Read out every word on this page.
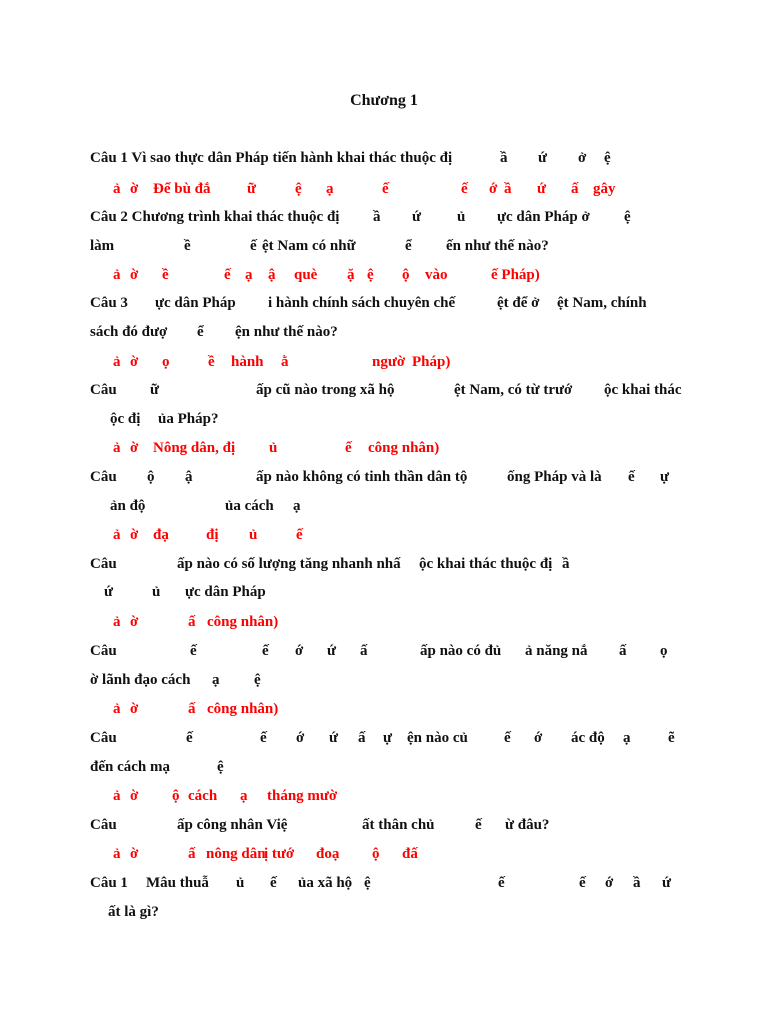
Chương 1
Câu 1 Vì sao thực dân Pháp tiến hành khai thác thuộc đị	ầ ứ ở ệ
ả ờ Để bù đắ ữ	ệ ạ	ế	ế ớ ầ ứ ấ gây
Câu 2 Chương trình khai thác thuộc đị ầ ứ ủ ực dân Pháp ở ệ
làm	ề	ế ệt Nam có nhữ	ể ến như thế nào?
ả ờ ề	ế ạ ậ què ặ ệ ộ vào	ế Pháp)
Câu 3 ực dân Pháp i hành chính sách chuyên chế	ệt để ở ệt Nam, chính
sách đó đượ ể ện như thế nào?
ả ờ ọ	ề hành ằ	ngườ Pháp)
Câu ữ	ấp cũ nào trong xã hộ	ệt Nam, có từ trướ ộc khai thác
ộc đị ủa Pháp?
ả ờ Nông dân, đị ủ	ế công nhân)
Câu ộ ậ	ấp nào không có tinh thần dân tộ	ống Pháp và là ế ự
ản độ	ủa cách ạ
ả ờ đạ đị ủ	ế
Câu	ấp nào có số lượng tăng nhanh nhấ ộc khai thác thuộc đị ầ
ứ	ủ ực dân Pháp
ả ờ	ấ công nhân)
Câu	ế	ế ớ ứ ấ	ấp nào có đủ ả năng nắ ấ ọ
ờ lãnh đạo cách ạ ệ
ả ờ	ấ công nhân)
Câu	ế	ế ớ ứ ấ ự ện nào củ ế ớ ác độ ạ	ẽ
đến cách mạ	ệ
ả ờ ộ cách ạ tháng mườ
Câu	ấp công nhân Việ	ất thân chủ	ế ừ đâu?
ả ờ	ấ nông dân
ị tướ đoạ ộ đấ
Câu 1 Mâu thuẫ ủ ế ủa xã hộ ệ	ế	ế ớ ầ ứ
ất là gì?
